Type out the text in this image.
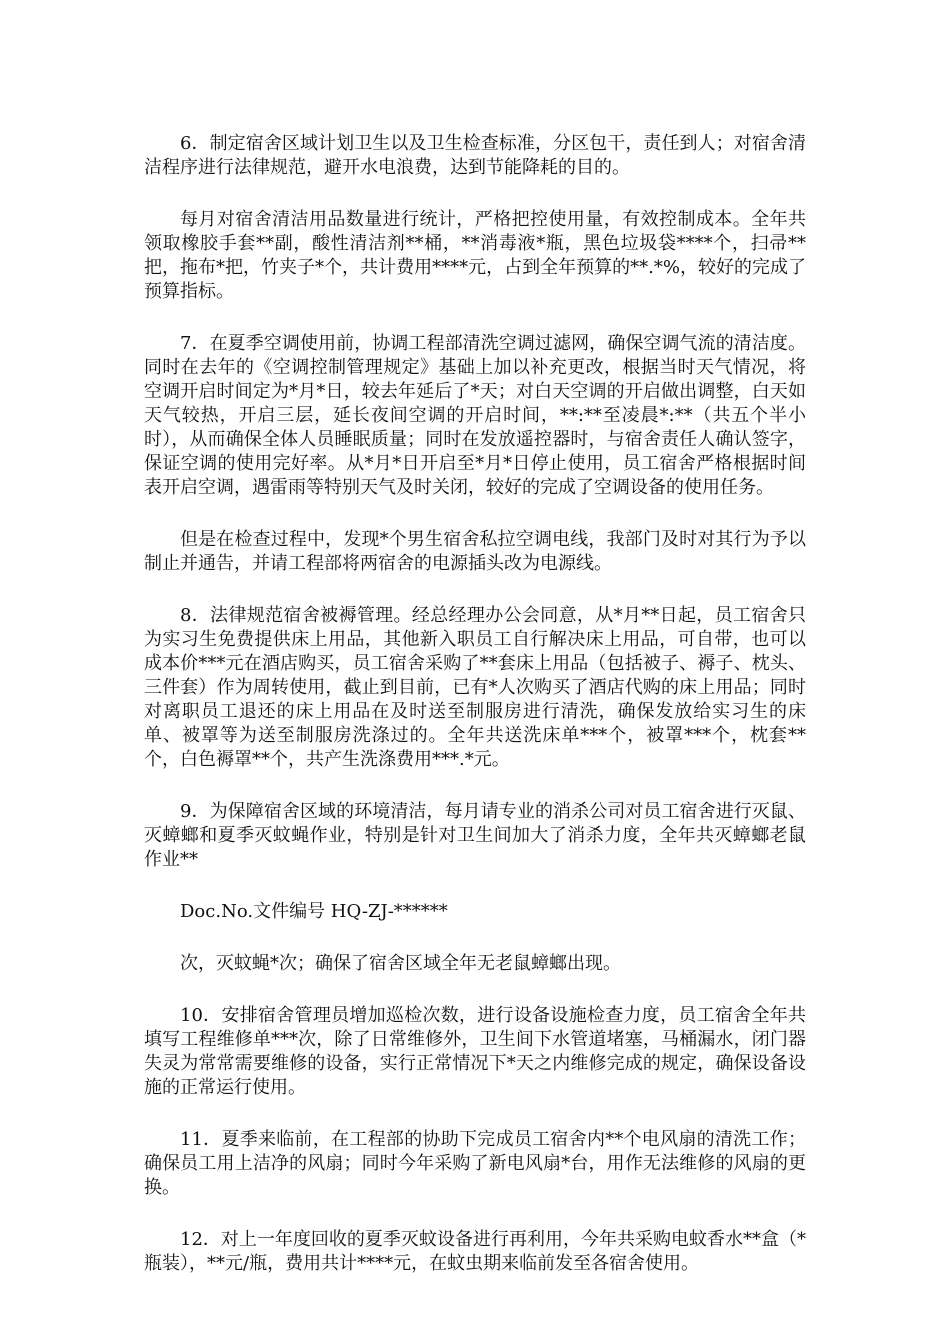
6．制定宿舍区域计划卫生以及卫生检查标准，分区包干，责任到人；对宿舍清洁程序进行法律规范，避开水电浪费，达到节能降耗的目的。

每月对宿舍清洁用品数量进行统计，严格把控使用量，有效控制成本。全年共领取橡胶手套**副，酸性清洁剂**桶，**消毒液*瓶，黑色垃圾袋****个，扫帚**把，拖布*把，竹夹子*个，共计费用****元，占到全年预算的**.*%，较好的完成了预算指标。

7．在夏季空调使用前，协调工程部清洗空调过滤网，确保空调气流的清洁度。同时在去年的《空调控制管理规定》基础上加以补充更改，根据当时天气情况，将空调开启时间定为*月*日，较去年延后了*天；对白天空调的开启做出调整，白天如天气较热，开启三层，延长夜间空调的开启时间，**:**至凌晨*:**（共五个半小时），从而确保全体人员睡眠质量；同时在发放遥控器时，与宿舍责任人确认签字，保证空调的使用完好率。从*月*日开启至*月*日停止使用，员工宿舍严格根据时间表开启空调，遇雷雨等特别天气及时关闭，较好的完成了空调设备的使用任务。

但是在检查过程中，发现*个男生宿舍私拉空调电线，我部门及时对其行为予以制止并通告，并请工程部将两宿舍的电源插头改为电源线。

8．法律规范宿舍被褥管理。经总经理办公会同意，从*月**日起，员工宿舍只为实习生免费提供床上用品，其他新入职员工自行解决床上用品，可自带，也可以成本价***元在酒店购买，员工宿舍采购了**套床上用品（包括被子、褥子、枕头、三件套）作为周转使用，截止到目前，已有*人次购买了酒店代购的床上用品；同时对离职员工退还的床上用品在及时送至制服房进行清洗，确保发放给实习生的床单、被罩等为送至制服房洗涤过的。全年共送洗床单***个，被罩***个，枕套**个，白色褥罩**个，共产生洗涤费用***.*元。

9．为保障宿舍区域的环境清洁，每月请专业的消杀公司对员工宿舍进行灭鼠、灭蟑螂和夏季灭蚊蝇作业，特别是针对卫生间加大了消杀力度，全年共灭蟑螂老鼠作业**

Doc.No.文件编号 HQ-ZJ-******

次，灭蚊蝇*次；确保了宿舍区域全年无老鼠蟑螂出现。

10．安排宿舍管理员增加巡检次数，进行设备设施检查力度，员工宿舍全年共填写工程维修单***次，除了日常维修外，卫生间下水管道堵塞，马桶漏水，闭门器失灵为常常需要维修的设备，实行正常情况下*天之内维修完成的规定，确保设备设施的正常运行使用。

11．夏季来临前，在工程部的协助下完成员工宿舍内**个电风扇的清洗工作；确保员工用上洁净的风扇；同时今年采购了新电风扇*台，用作无法维修的风扇的更换。

12．对上一年度回收的夏季灭蚊设备进行再利用，今年共采购电蚊香水**盒（*瓶装），**元/瓶，费用共计****元，在蚊虫期来临前发至各宿舍使用。
